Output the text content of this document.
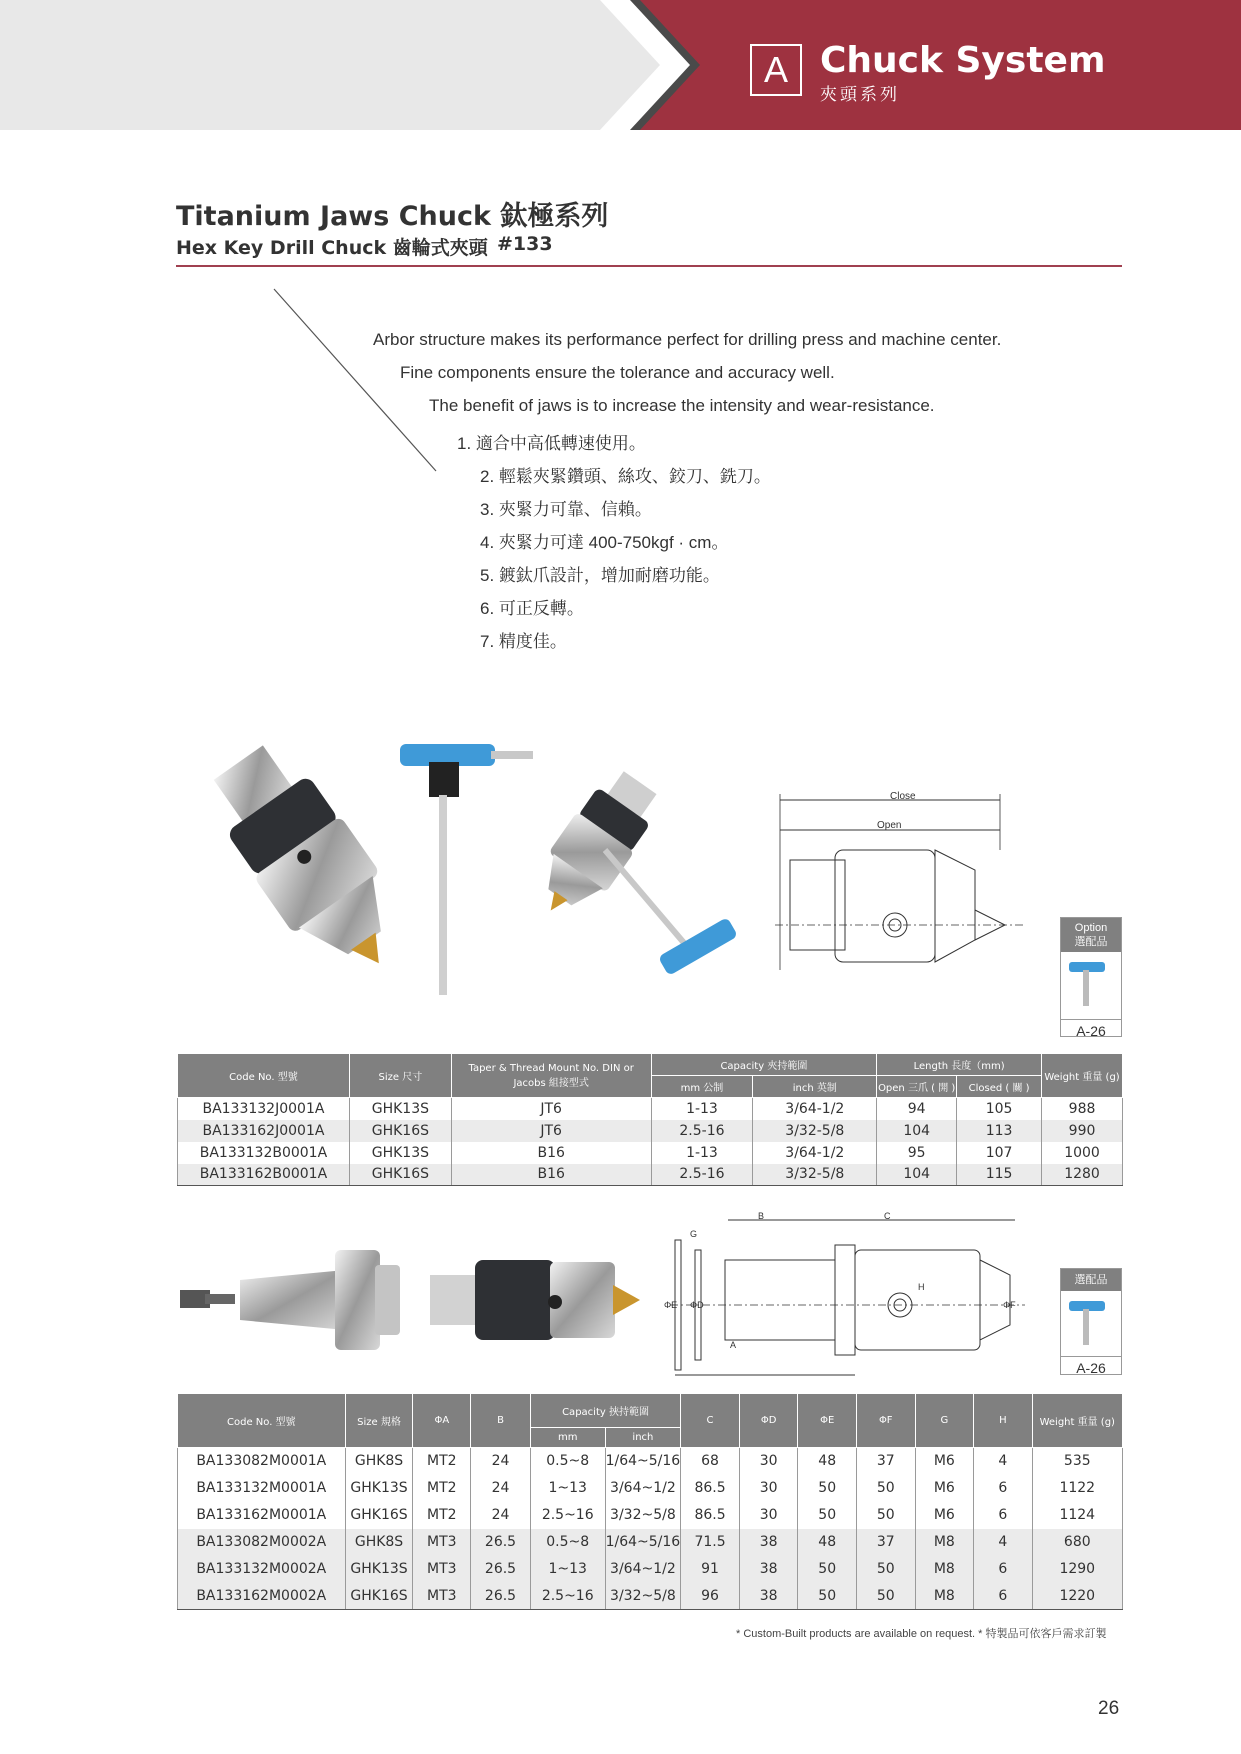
A Chuck System
夾頭系列
Titanium Jaws Chuck 鈦極系列
Hex Key Drill Chuck 齒輪式夾頭 #133
Arbor structure makes its performance perfect for drilling press and machine center.
Fine components ensure the tolerance and accuracy well.
The benefit of jaws is to increase the intensity and wear-resistance.
1. 適合中高低轉速使用。
2. 輕鬆夾緊鑽頭、絲攻、鉸刀、銑刀。
3. 夾緊力可靠、信賴。
4. 夾緊力可達 400-750kgf · cm。
5. 鍍鈦爪設計，增加耐磨功能。
6. 可正反轉。
7. 精度佳。
Close
Open
Option
選配品
A-26
Code No. 型號	Size 尺寸	Taper & Thread Mount No. DIN or Jacobs 組接型式	Capacity 夾持範圍		Length 長度（mm)		Weight 重量 (g)
			mm 公制	inch 英制	Open 三爪 ( 開 )	Closed ( 關 )	
BA133132J0001A	GHK13S	JT6	1-13	3/64-1/2	94	105	988
BA133162J0001A	GHK16S	JT6	2.5-16	3/32-5/8	104	113	990
BA133132B0001A	GHK13S	B16	1-13	3/64-1/2	95	107	1000
BA133162B0001A	GHK16S	B16	2.5-16	3/32-5/8	104	115	1280
B	C
G
ΦE ΦD
A
H
ΦF
選配品
A-26
Code No. 型號	Size 規格	ΦA	B	Capacity 挾持範圍		C	ΦD	ΦE	ΦF	G	H	Weight 重量 (g)
				mm	inch							
BA133082M0001A	GHK8S	MT2	24	0.5~8	1/64~5/16	68	30	48	37	M6	4	535
BA133132M0001A	GHK13S	MT2	24	1~13	3/64~1/2	86.5	30	50	50	M6	6	1122
BA133162M0001A	GHK16S	MT2	24	2.5~16	3/32~5/8	86.5	30	50	50	M6	6	1124
BA133082M0002A	GHK8S	MT3	26.5	0.5~8	1/64~5/16	71.5	38	48	37	M8	4	680
BA133132M0002A	GHK13S	MT3	26.5	1~13	3/64~1/2	91	38	50	50	M8	6	1290
BA133162M0002A	GHK16S	MT3	26.5	2.5~16	3/32~5/8	96	38	50	50	M8	6	1220
* Custom-Built products are available on request. * 特製品可依客戶需求訂製
26
